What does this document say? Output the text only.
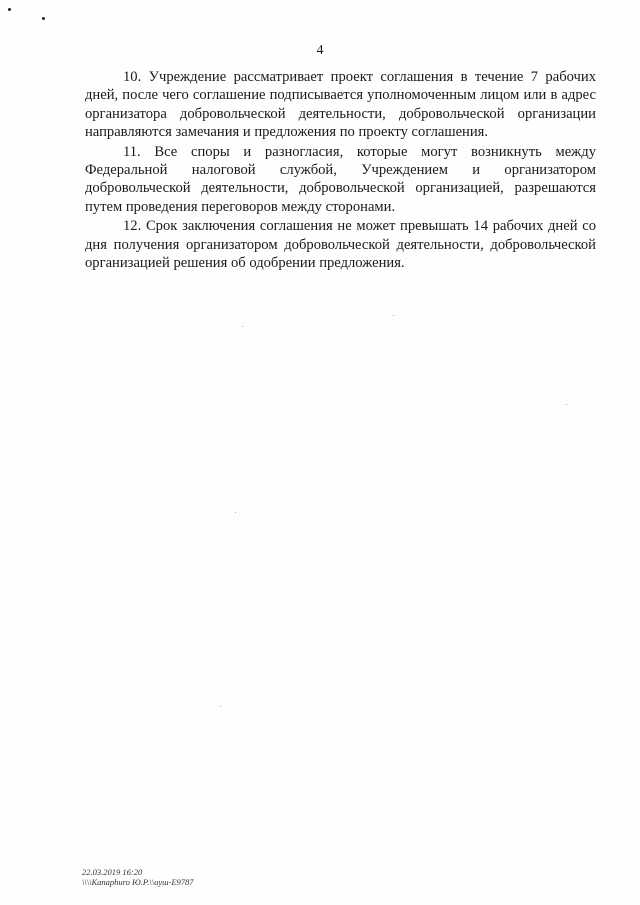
4

10. Учреждение рассматривает проект соглашения в течение 7 рабочих дней, после чего соглашение подписывается уполномоченным лицом или в адрес организатора добровольческой деятельности, добровольческой организации направляются замечания и предложения по проекту соглашения.

11. Все споры и разногласия, которые могут возникнуть между Федеральной налоговой службой, Учреждением и организатором добровольческой деятельности, добровольческой организацией, разрешаются путем проведения переговоров между сторонами.

12. Срок заключения соглашения не может превышать 14 рабочих дней со дня получения организатором добровольческой деятельности, добровольческой организацией решения об одобрении предложения.

22.03.2019 16:20
\\\\Kanaphuro Ю.Р.\\иуш-Е9787
